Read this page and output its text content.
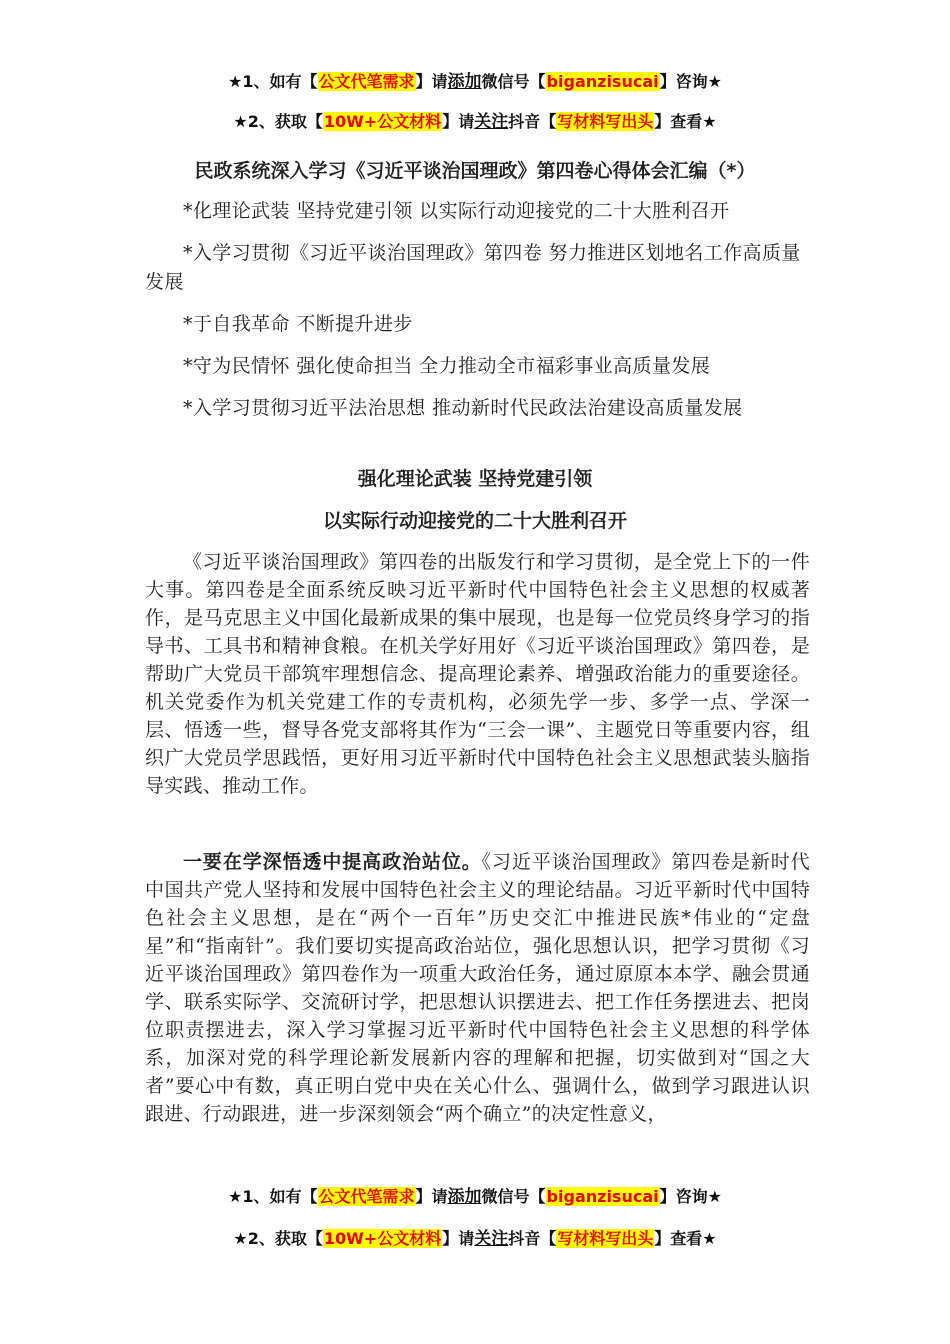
★1、如有【公文代笔需求】请添加微信号【biganzisucai】咨询★
★2、获取【10W+公文材料】请关注抖音【写材料写出头】查看★
民政系统深入学习《习近平谈治国理政》第四卷心得体会汇编（*）
*化理论武装 坚持党建引领 以实际行动迎接党的二十大胜利召开
*入学习贯彻《习近平谈治国理政》第四卷 努力推进区划地名工作高质量发展
*于自我革命 不断提升进步
*守为民情怀 强化使命担当 全力推动全市福彩事业高质量发展
*入学习贯彻习近平法治思想 推动新时代民政法治建设高质量发展
强化理论武装 坚持党建引领
以实际行动迎接党的二十大胜利召开

《习近平谈治国理政》第四卷的出版发行和学习贯彻，是全党上下的一件大事。第四卷是全面系统反映习近平新时代中国特色社会主义思想的权威著作，是马克思主义中国化最新成果的集中展现，也是每一位党员终身学习的指导书、工具书和精神食粮。在机关学好用好《习近平谈治国理政》第四卷，是帮助广大党员干部筑牢理想信念、提高理论素养、增强政治能力的重要途径。机关党委作为机关党建工作的专责机构，必须先学一步、多学一点、学深一层、悟透一些，督导各党支部将其作为“三会一课”、主题党日等重要内容，组织广大党员学思践悟，更好用习近平新时代中国特色社会主义思想武装头脑指导实践、推动工作。

一要在学深悟透中提高政治站位。《习近平谈治国理政》第四卷是新时代中国共产党人坚持和发展中国特色社会主义的理论结晶。习近平新时代中国特色社会主义思想，是在“两个一百年”历史交汇中推进民族*伟业的“定盘星”和“指南针”。我们要切实提高政治站位，强化思想认识，把学习贯彻《习近平谈治国理政》第四卷作为一项重大政治任务，通过原原本本学、融会贯通学、联系实际学、交流研讨学，把思想认识摆进去、把工作任务摆进去、把岗位职责摆进去，深入学习掌握习近平新时代中国特色社会主义思想的科学体系，加深对党的科学理论新发展新内容的理解和把握，切实做到对“国之大者”要心中有数，真正明白党中央在关心什么、强调什么，做到学习跟进认识跟进、行动跟进，进一步深刻领会“两个确立”的决定性意义，

★1、如有【公文代笔需求】请添加微信号【biganzisucai】咨询★
★2、获取【10W+公文材料】请关注抖音【写材料写出头】查看★
